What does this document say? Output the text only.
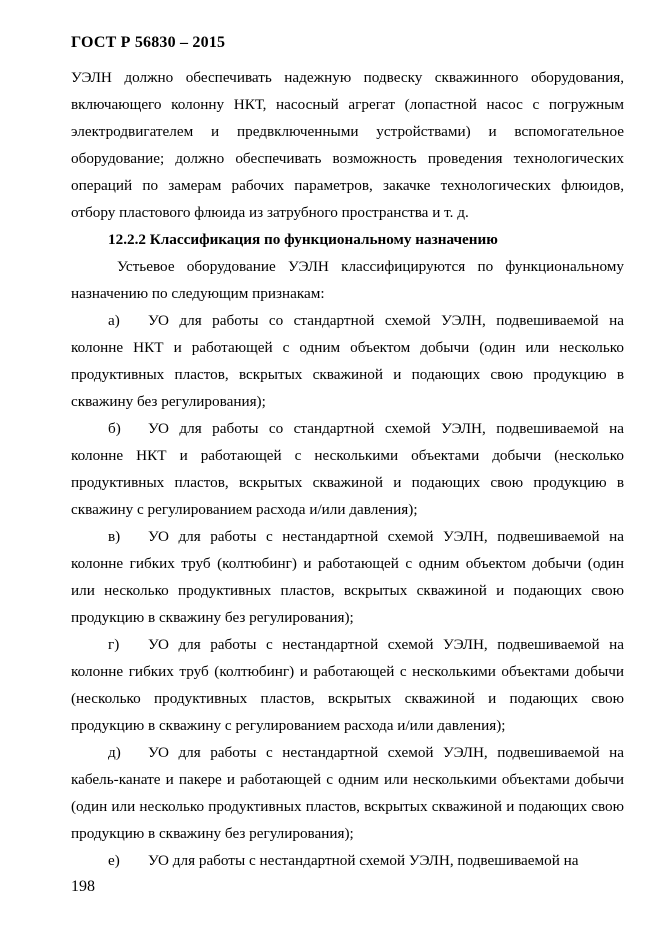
ГОСТ Р 56830 – 2015

УЭЛН должно обеспечивать надежную подвеску скважинного оборудования, включающего колонну НКТ, насосный агрегат (лопастной насос с погружным электродвигателем и предвключенными устройствами) и вспомогательное оборудование; должно обеспечивать возможность проведения технологических операций по замерам рабочих параметров, закачке технологических флюидов, отбору пластового флюида из затрубного пространства и т. д.

12.2.2 Классификация по функциональному назначению

Устьевое оборудование УЭЛН классифицируются по функциональному назначению по следующим признакам:

а) УО для работы со стандартной схемой УЭЛН, подвешиваемой на колонне НКТ и работающей с одним объектом добычи (один или несколько продуктивных пластов, вскрытых скважиной и подающих свою продукцию в скважину без регулирования);

б) УО для работы со стандартной схемой УЭЛН, подвешиваемой на колонне НКТ и работающей с несколькими объектами добычи (несколько продуктивных пластов, вскрытых скважиной и подающих свою продукцию в скважину с регулированием расхода и/или давления);

в) УО для работы с нестандартной схемой УЭЛН, подвешиваемой на колонне гибких труб (колтюбинг) и работающей с одним объектом добычи (один или несколько продуктивных пластов, вскрытых скважиной и подающих свою продукцию в скважину без регулирования);

г) УО для работы с нестандартной схемой УЭЛН, подвешиваемой на колонне гибких труб (колтюбинг) и работающей с несколькими объектами добычи (несколько продуктивных пластов, вскрытых скважиной и подающих свою продукцию в скважину с регулированием расхода и/или давления);

д) УО для работы с нестандартной схемой УЭЛН, подвешиваемой на кабель-канате и пакере и работающей с одним или несколькими объектами добычи (один или несколько продуктивных пластов, вскрытых скважиной и подающих свою продукцию в скважину без регулирования);

е) УО для работы с нестандартной схемой УЭЛН, подвешиваемой на

198
